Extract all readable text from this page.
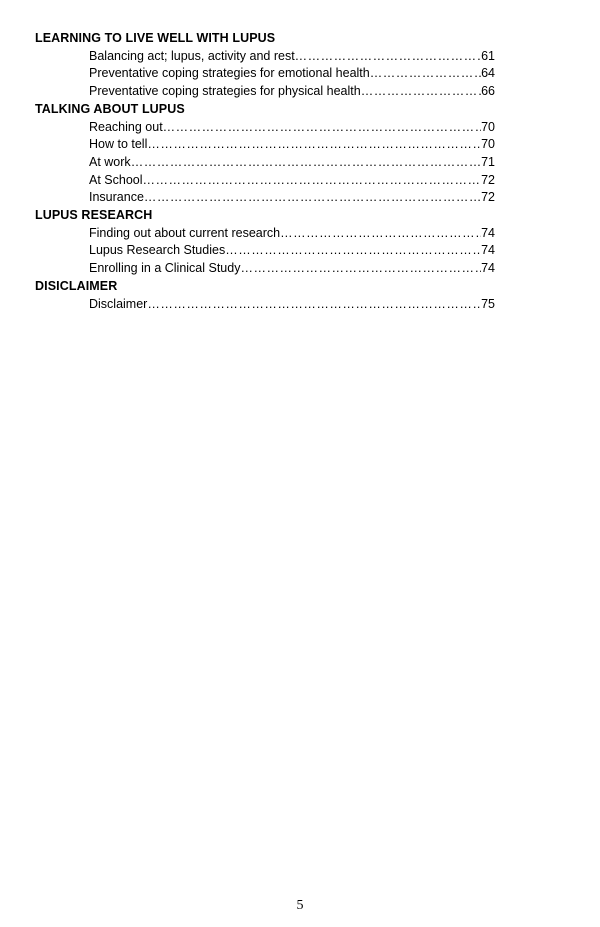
LEARNING TO LIVE WELL WITH LUPUS
Balancing act; lupus, activity and rest ………………………………………………………………………………………………………………………………………………	61
Preventative coping strategies for emotional health ………………………………………………………………………………………………………………………………………………	64
Preventative coping strategies for physical health ………………………………………………………………………………………………………………………………………………	66
TALKING ABOUT LUPUS
Reaching out ………………………………………………………………………………………………………………………………………………	70
How to tell ………………………………………………………………………………………………………………………………………………	70
At work ………………………………………………………………………………………………………………………………………………	71
At School ………………………………………………………………………………………………………………………………………………	72
Insurance ………………………………………………………………………………………………………………………………………………	72
LUPUS RESEARCH
Finding out about current research ………………………………………………………………………………………………………………………………………………	74
Lupus Research Studies ………………………………………………………………………………………………………………………………………………	74
Enrolling in a Clinical Study ………………………………………………………………………………………………………………………………………………	74
DISICLAIMER
Disclaimer ………………………………………………………………………………………………………………………………………………	75
5
